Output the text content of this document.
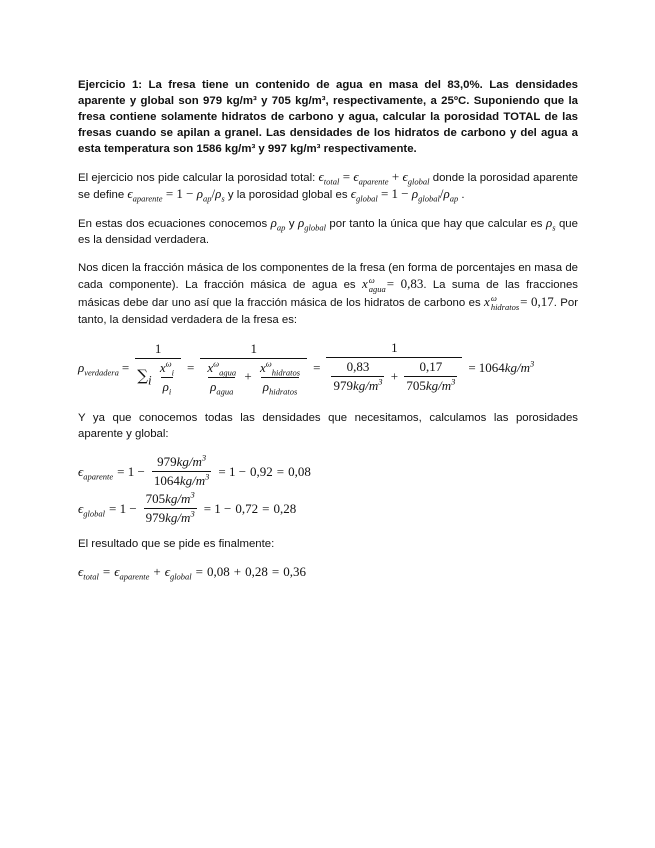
Ejercicio 1: La fresa tiene un contenido de agua en masa del 83,0%. Las densidades aparente y global son 979 kg/m³ y 705 kg/m³, respectivamente, a 25ºC. Suponiendo que la fresa contiene solamente hidratos de carbono y agua, calcular la porosidad TOTAL de las fresas cuando se apilan a granel. Las densidades de los hidratos de carbono y del agua a esta temperatura son 1586 kg/m³ y 997 kg/m³ respectivamente.

El ejercicio nos pide calcular la porosidad total: $\epsilon_{total} = \epsilon_{aparente} + \epsilon_{global}$ donde la porosidad aparente se define $\epsilon_{aparente} = 1 - \rho_{ap}/\rho_s$ y la porosidad global es $\epsilon_{global} = 1 - \rho_{global}/\rho_{ap}$ .

En estas dos ecuaciones conocemos $\rho_{ap}$ y $\rho_{global}$ por tanto la única que hay que calcular es $\rho_s$ que es la densidad verdadera.

Nos dicen la fracción másica de los componentes de la fresa (en forma de porcentajes en masa de cada componente). La fracción másica de agua es x ω
agua = 0,83. La suma de las fracciones másicas debe dar uno así que la fracción másica de los hidratos de carbono es x ω
hidratos = 0,17. Por tanto, la densidad verdadera de la fresa es:

$\rho_{verdadera} = \frac{1}{\sum i \frac{x^\omega_i}{\rho_i}} = \frac{1}{\frac{x^\omega_{agua}}{\rho_{agua}} + \frac{x^\omega_{hidratos}}{\rho_{hidratos}}} = \frac{1}{\frac{0,83}{979kg/m^3} + \frac{0,17}{705kg/m^3}} = 1064$ $kg/m^3$

Y ya que conocemos todas las densidades que necesitamos, calculamos las porosidades aparente y global:

$\epsilon_{aparente} = 1 - \frac{979kg/m^3}{1064kg/m^3} = 1 - 0,92 = 0,08$
$\epsilon_{global} = 1 - \frac{705kg/m^3}{979kg/m^3} = 1 - 0,72 = 0,28$

El resultado que se pide es finalmente:

$\epsilon_{total} = \epsilon_{aparente} + \epsilon_{global} = 0,08 + 0,28 = 0,36$
